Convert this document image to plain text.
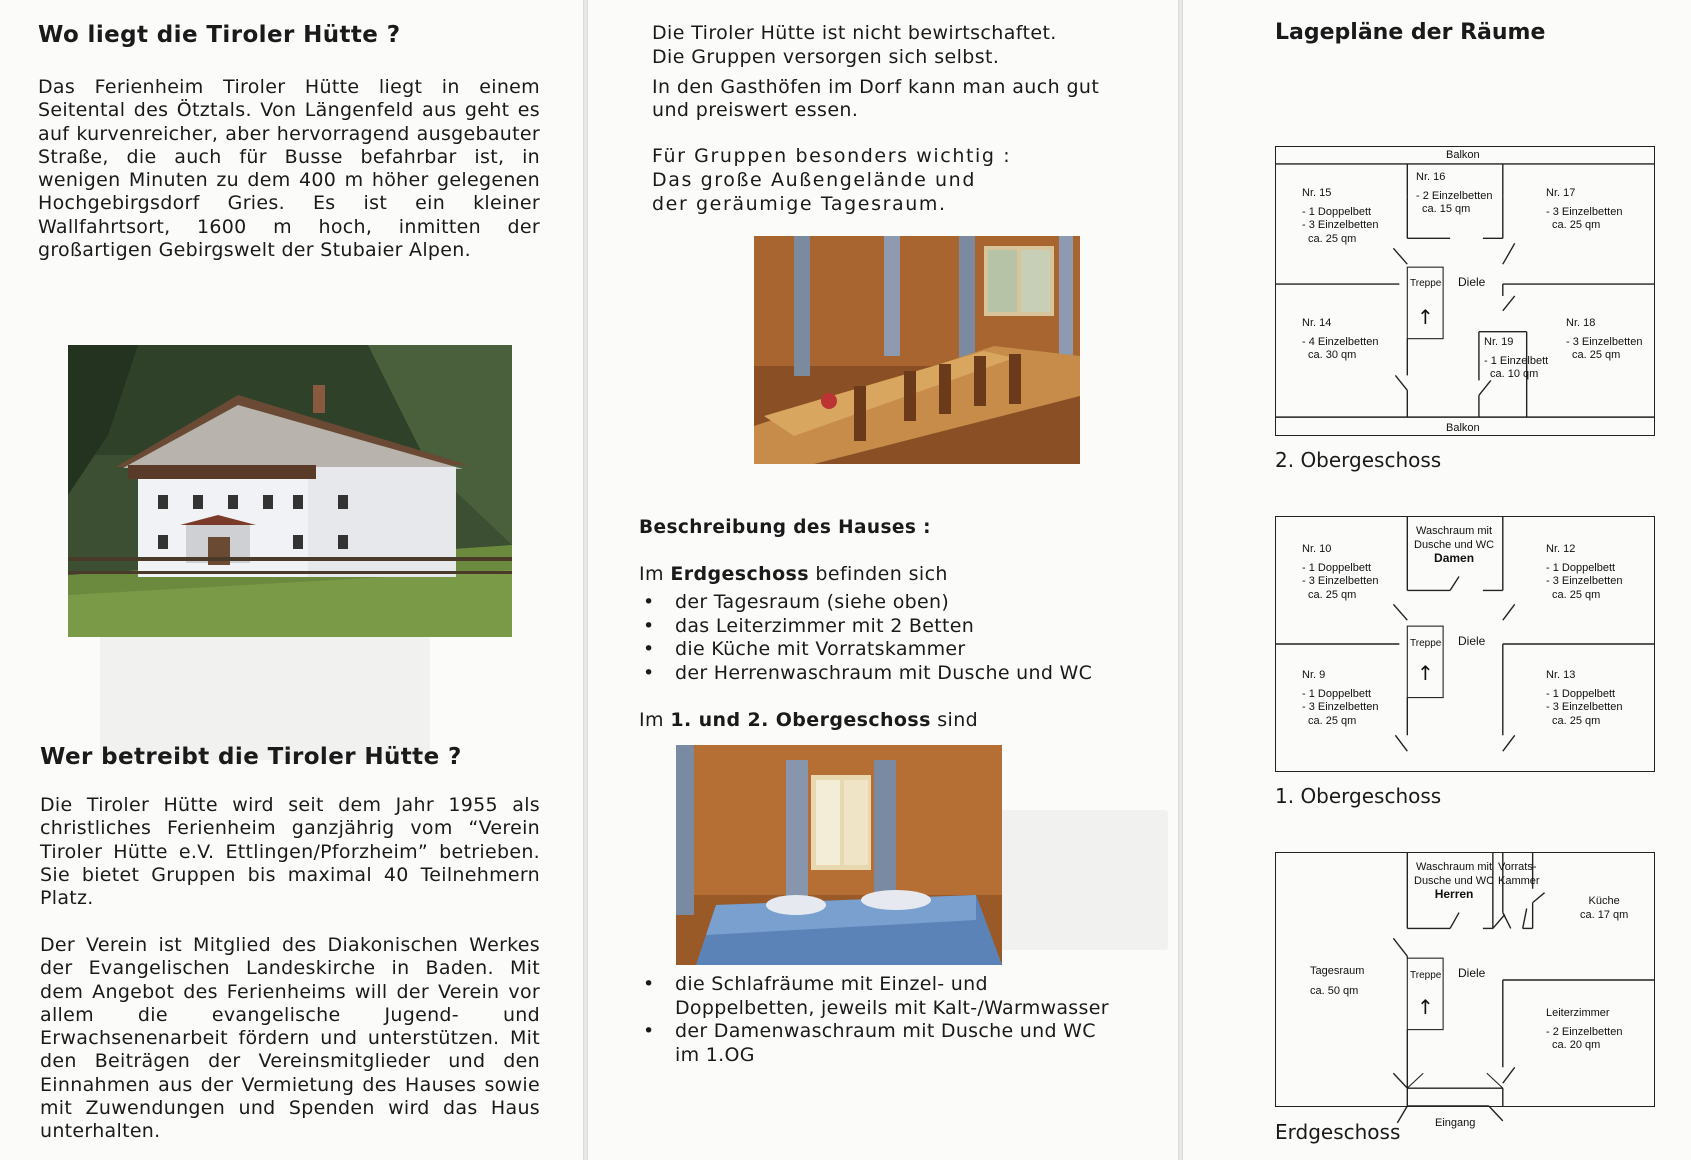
Wo liegt die Tiroler Hütte ?

Das Ferienheim Tiroler Hütte liegt in einem Seitental des Ötztals. Von Längenfeld aus geht es auf kurvenreicher, aber hervorragend ausgebauter Straße, die auch für Busse befahrbar ist, in wenigen Minuten zu dem 400 m höher gelegenen Hochgebirgsdorf Gries. Es ist ein kleiner Wallfahrtsort, 1600 m hoch, inmitten der großartigen Gebirgswelt der Stubaier Alpen.

Wer betreibt die Tiroler Hütte ?

Die Tiroler Hütte wird seit dem Jahr 1955 als christliches Ferienheim ganzjährig vom “Verein Tiroler Hütte e.V. Ettlingen/Pforzheim” betrieben. Sie bietet Gruppen bis maximal 40 Teilnehmern Platz.

Der Verein ist Mitglied des Diakonischen Werkes der Evangelischen Landeskirche in Baden. Mit dem Angebot des Ferienheims will der Verein vor allem die evangelische Jugend- und Erwachsenenarbeit fördern und unterstützen. Mit den Beiträgen der Vereinsmitglieder und den Einnahmen aus der Vermietung des Hauses sowie mit Zuwendungen und Spenden wird das Haus unterhalten.

Die Tiroler Hütte ist nicht bewirtschaftet.
Die Gruppen versorgen sich selbst.
In den Gasthöfen im Dorf kann man auch gut
und preiswert essen.
Für Gruppen besonders wichtig :
Das große Außengelände und
der geräumige Tagesraum.
Beschreibung des Hauses :
Im Erdgeschoss befinden sich
• der Tagesraum (siehe oben)
• das Leiterzimmer mit 2 Betten
• die Küche mit Vorratskammer
• der Herrenwaschraum mit Dusche und WC
Im 1. und 2. Obergeschoss sind
• die Schlafräume mit Einzel- und
Doppelbetten, jeweils mit Kalt-/Warmwasser
• der Damenwaschraum mit Dusche und WC
im 1.OG
Lagepläne der Räume
Balkon
Balkon
Nr. 15
- 1 Doppelbett
- 3 Einzelbetten
ca. 25 qm
Nr. 16
- 2 Einzelbetten
ca. 15 qm
Nr. 17
- 3 Einzelbetten
ca. 25 qm
Treppe
↑
Diele
Nr. 14
- 4 Einzelbetten
ca. 30 qm
Nr. 19
- 1 Einzelbett
ca. 10 qm
Nr. 18
- 3 Einzelbetten
ca. 25 qm
2. Obergeschoss
Waschraum mit
Dusche und WC
Damen
Nr. 10
- 1 Doppelbett
- 3 Einzelbetten
ca. 25 qm
Nr. 12
- 1 Doppelbett
- 3 Einzelbetten
ca. 25 qm
Treppe
↑
Diele
Nr. 9
- 1 Doppelbett
- 3 Einzelbetten
ca. 25 qm
Nr. 13
- 1 Doppelbett
- 3 Einzelbetten
ca. 25 qm
1. Obergeschoss
Waschraum mit
Dusche und WC
Herren
Vorrats-
Kammer
Küche
ca. 17 qm
Tagesraum
ca. 50 qm
Treppe
↑
Diele
Leiterzimmer
- 2 Einzelbetten
ca. 20 qm
Eingang
Erdgeschoss
